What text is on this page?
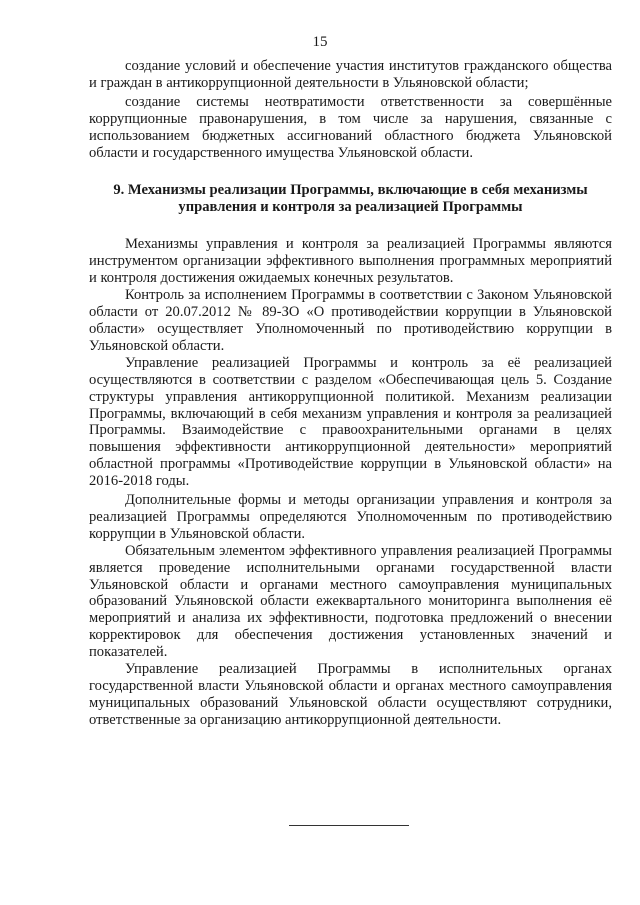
15

создание условий и обеспечение участия институтов гражданского общества и граждан в антикоррупционной деятельности в Ульяновской области;

создание системы неотвратимости ответственности за совершённые коррупционные правонарушения, в том числе за нарушения, связанные с использованием бюджетных ассигнований областного бюджета Ульяновской области и государственного имущества Ульяновской области.

9. Механизмы реализации Программы, включающие в себя механизмы управления и контроля за реализацией Программы

Механизмы управления и контроля за реализацией Программы являются инструментом организации эффективного выполнения программных мероприятий и контроля достижения ожидаемых конечных результатов.

Контроль за исполнением Программы в соответствии с Законом Ульяновской области от 20.07.2012 № 89-ЗО «О противодействии коррупции в Ульяновской области» осуществляет Уполномоченный по противодействию коррупции в Ульяновской области.

Управление реализацией Программы и контроль за её реализацией осуществляются в соответствии с разделом «Обеспечивающая цель 5. Создание структуры управления антикоррупционной политикой. Механизм реализации Программы, включающий в себя механизм управления и контроля за реализацией Программы. Взаимодействие с правоохранительными органами в целях повышения эффективности антикоррупционной деятельности» мероприятий областной программы «Противодействие коррупции в Ульяновской области» на 2016-2018 годы.

Дополнительные формы и методы организации управления и контроля за реализацией Программы определяются Уполномоченным по противодействию коррупции в Ульяновской области.

Обязательным элементом эффективного управления реализацией Программы является проведение исполнительными органами государственной власти Ульяновской области и органами местного самоуправления муниципальных образований Ульяновской области ежеквартального мониторинга выполнения её мероприятий и анализа их эффективности, подготовка предложений о внесении корректировок для обеспечения достижения установленных значений и показателей.

Управление реализацией Программы в исполнительных органах государственной власти Ульяновской области и органах местного самоуправления муниципальных образований Ульяновской области осуществляют сотрудники, ответственные за организацию антикоррупционной деятельности.
